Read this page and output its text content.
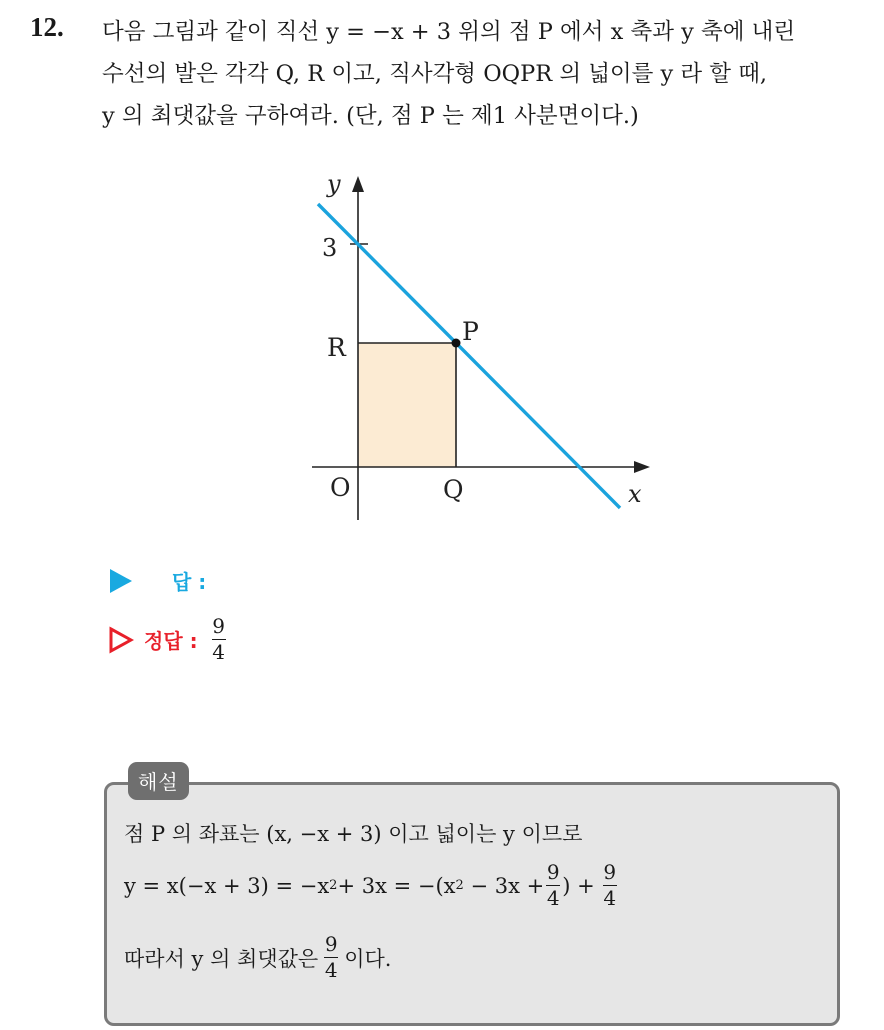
12. 다음 그림과 같이 직선 y = −x + 3 위의 점 P 에서 x 축과 y 축에 내린
수선의 발은 각각 Q, R 이고, 직사각형 OQPR 의 넓이를 y 라 할 때,
y 의 최댓값을 구하여라. (단, 점 P 는 제1 사분면이다.)
y
x
3
R
P
O	Q
답 :
정답 : $\frac{9}{4}$
해설
점 P 의 좌표는 (x, −x + 3) 이고 넓이는 y 이므로
y = x(−x + 3) = −x 2 + 3x = −(x $2 - 3x + \frac{9}{4}$ ) + $\frac{9}{4}$
따라서 y 의 최댓값은 $\frac{9}{4}$ 이다.
